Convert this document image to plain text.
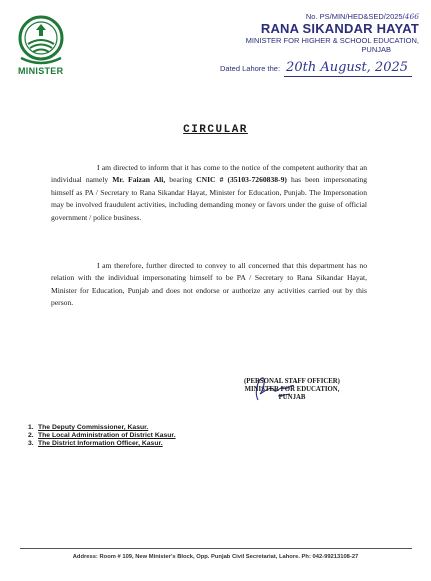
MINISTER
No. PS/MIN/HED&SED/2025/466
RANA SIKANDAR HAYAT
MINISTER FOR HIGHER & SCHOOL EDUCATION,
PUNJAB
Dated Lahore the: 20th August, 2025
CIRCULAR
I am directed to inform that it has come to the notice of the competent authority that an individual namely Mr. Faizan Ali, bearing CNIC # (35103-7260838-9) has been impersonating himself as PA / Secretary to Rana Sikandar Hayat, Minister for Education, Punjab. The Impersonation may be involved fraudulent activities, including demanding money or favors under the guise of official government / police business.
I am therefore, further directed to convey to all concerned that this department has no relation with the individual impersonating himself to be PA / Secretary to Rana Sikandar Hayat, Minister for Education, Punjab and does not endorse or authorize any activities carried out by this person.
(PERSONAL STAFF OFFICER)
MINISTER FOR EDUCATION,
PUNJAB
1. The Deputy Commissioner, Kasur.
2. The Local Administration of District Kasur.
3. The District Information Officer, Kasur.
Address: Room # 109, New Minister's Block, Opp. Punjab Civil Secretariat, Lahore. Ph: 042-99213108-27
